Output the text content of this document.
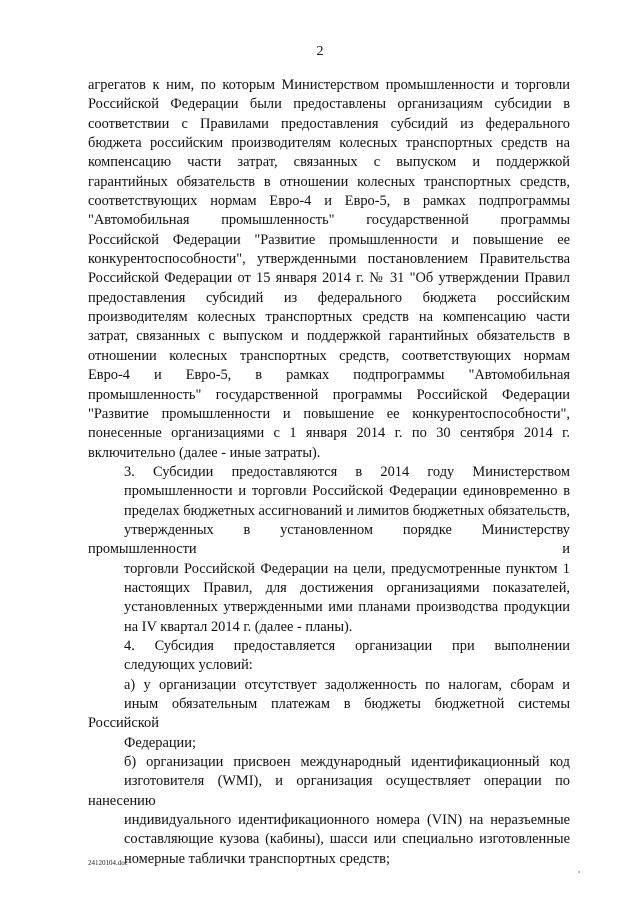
2
агрегатов к ним, по которым Министерством промышленности и торговли
Российской Федерации были предоставлены организациям субсидии в
соответствии с Правилами предоставления субсидий из федерального
бюджета российским производителям колесных транспортных средств на
компенсацию части затрат, связанных с выпуском и поддержкой
гарантийных обязательств в отношении колесных транспортных средств,
соответствующих нормам Евро-4 и Евро-5, в рамках подпрограммы
"Автомобильная промышленность" государственной программы
Российской Федерации "Развитие промышленности и повышение ее
конкурентоспособности", утвержденными постановлением Правительства
Российской Федерации от 15 января 2014 г. № 31 "Об утверждении Правил
предоставления субсидий из федерального бюджета российским
производителям колесных транспортных средств на компенсацию части
затрат, связанных с выпуском и поддержкой гарантийных обязательств в
отношении колесных транспортных средств, соответствующих нормам
Евро-4 и Евро-5, в рамках подпрограммы "Автомобильная
промышленность" государственной программы Российской Федерации
"Развитие промышленности и повышение ее конкурентоспособности",
понесенные организациями с 1 января 2014 г. по 30 сентября 2014 г.
включительно (далее - иные затраты).
3. Субсидии предоставляются в 2014 году Министерством
промышленности и торговли Российской Федерации единовременно в
пределах бюджетных ассигнований и лимитов бюджетных обязательств,
утвержденных в установленном порядке Министерству промышленности и
торговли Российской Федерации на цели, предусмотренные пунктом 1
настоящих Правил, для достижения организациями показателей,
установленных утвержденными ими планами производства продукции
на IV квартал 2014 г. (далее - планы).
4. Субсидия предоставляется организации при выполнении
следующих условий:
а) у организации отсутствует задолженность по налогам, сборам и
иным обязательным платежам в бюджеты бюджетной системы Российской
Федерации;
б) организации присвоен международный идентификационный код
изготовителя (WMI), и организация осуществляет операции по нанесению
индивидуального идентификационного номера (VIN) на неразъемные
составляющие кузова (кабины), шасси или специально изготовленные
номерные таблички транспортных средств;
24120104.doc
